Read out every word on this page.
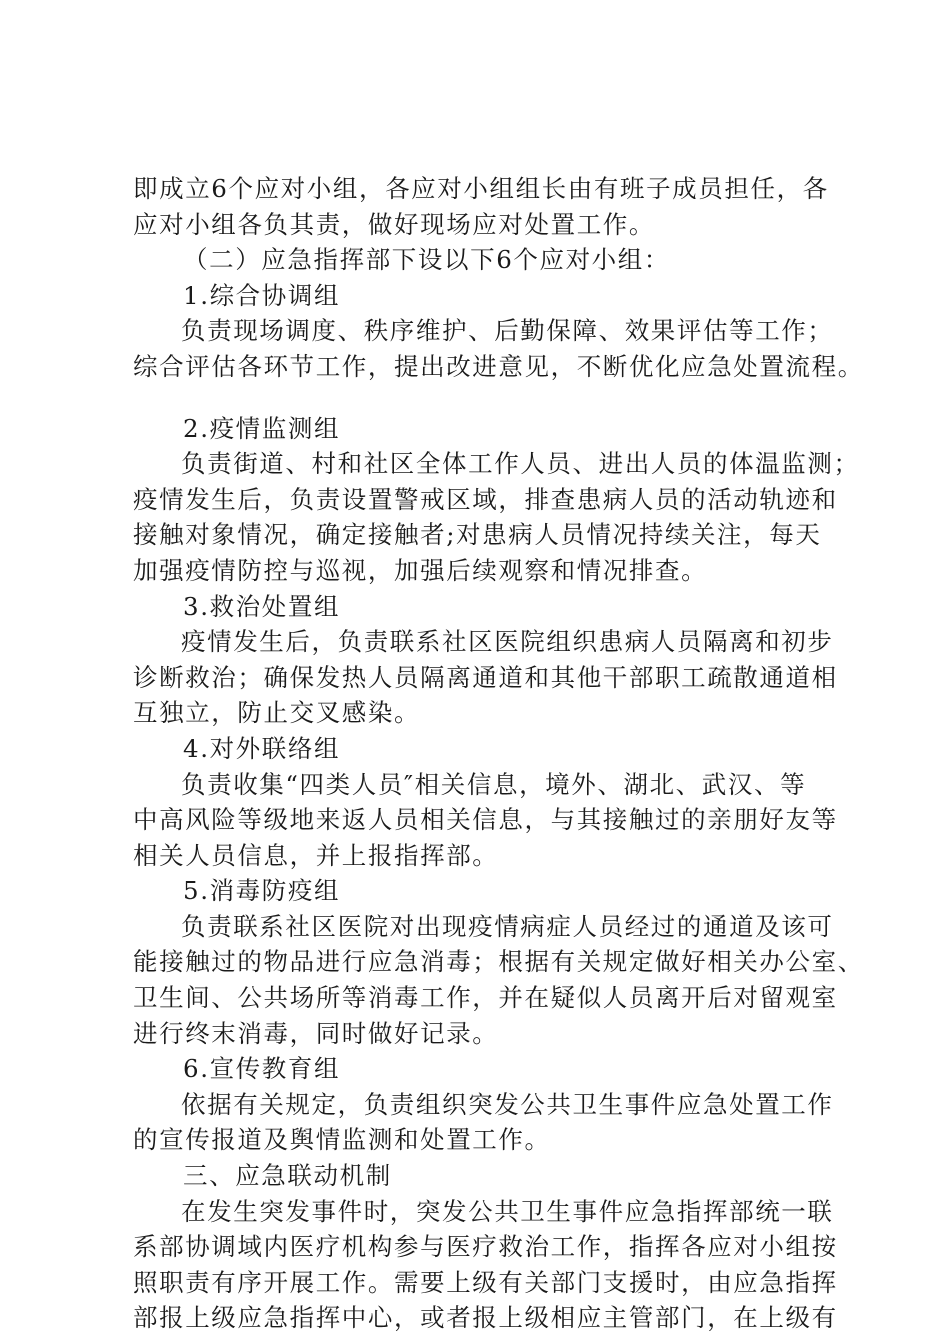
即成立6个应对小组，各应对小组组长由有班子成员担任，各
应对小组各负其责，做好现场应对处置工作。
（二）应急指挥部下设以下6个应对小组：
1.综合协调组
负责现场调度、秩序维护、后勤保障、效果评估等工作；
综合评估各环节工作，提出改进意见，不断优化应急处置流程。
2.疫情监测组
负责街道、村和社区全体工作人员、进出人员的体温监测；
疫情发生后，负责设置警戒区域，排查患病人员的活动轨迹和
接触对象情况，确定接触者;对患病人员情况持续关注，每天
加强疫情防控与巡视，加强后续观察和情况排查。
3.救治处置组
疫情发生后，负责联系社区医院组织患病人员隔离和初步
诊断救治；确保发热人员隔离通道和其他干部职工疏散通道相
互独立，防止交叉感染。
4.对外联络组
负责收集“四类人员″相关信息，境外、湖北、武汉、等
中高风险等级地来返人员相关信息，与其接触过的亲朋好友等
相关人员信息，并上报指挥部。
5.消毒防疫组
负责联系社区医院对出现疫情病症人员经过的通道及该可
能接触过的物品进行应急消毒；根据有关规定做好相关办公室、
卫生间、公共场所等消毒工作，并在疑似人员离开后对留观室
进行终末消毒，同时做好记录。
6.宣传教育组
依据有关规定，负责组织突发公共卫生事件应急处置工作
的宣传报道及舆情监测和处置工作。
三、应急联动机制
在发生突发事件时，突发公共卫生事件应急指挥部统一联
系部协调域内医疗机构参与医疗救治工作，指挥各应对小组按
照职责有序开展工作。需要上级有关部门支援时，由应急指挥
部报上级应急指挥中心，或者报上级相应主管部门，在上级有
